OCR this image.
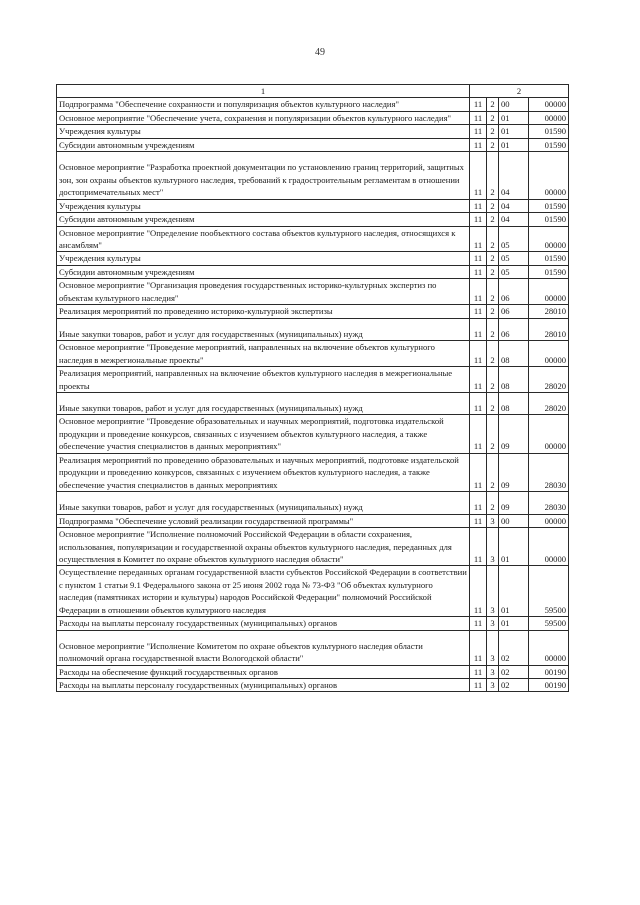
49
1	2			
Подпрограмма "Обеспечение сохранности и популяризация объектов культурного наследия"	11	2	00	00000
Основное мероприятие "Обеспечение учета, сохранения и популяризации объектов культурного наследия"	11	2	01	00000
Учреждения культуры	11	2	01	01590
Субсидии автономным учреждениям	11	2	01	01590
Основное мероприятие "Разработка проектной документации по установлению границ территорий, защитных зон, зон охраны объектов культурного наследия, требований к градостроительным регламентам в отношении достопримечательных мест"	11	2	04	00000
Учреждения культуры	11	2	04	01590
Субсидии автономным учреждениям	11	2	04	01590
Основное мероприятие "Определение пообъектного состава объектов культурного наследия, относящихся к ансамблям"	11	2	05	00000
Учреждения культуры	11	2	05	01590
Субсидии автономным учреждениям	11	2	05	01590
Основное мероприятие "Организация проведения государственных историко-культурных экспертиз по объектам культурного наследия"	11	2	06	00000
Реализация мероприятий по проведению историко-культурной экспертизы	11	2	06	28010
Иные закупки товаров, работ и услуг для государственных (муниципальных) нужд	11	2	06	28010
Основное мероприятие "Проведение мероприятий, направленных на включение объектов культурного наследия в межрегиональные проекты"	11	2	08	00000
Реализация мероприятий, направленных на включение объектов культурного наследия в межрегиональные проекты	11	2	08	28020
Иные закупки товаров, работ и услуг для государственных (муниципальных) нужд	11	2	08	28020
Основное мероприятие "Проведение образовательных и научных мероприятий, подготовка издательской продукции и проведение конкурсов, связанных с изучением объектов культурного наследия, а также обеспечение участия специалистов в данных мероприятиях"	11	2	09	00000
Реализация мероприятий по проведению образовательных и научных мероприятий, подготовке издательской продукции и проведению конкурсов, связанных с изучением объектов культурного наследия, а также обеспечение участия специалистов в данных мероприятиях	11	2	09	28030
Иные закупки товаров, работ и услуг для государственных (муниципальных) нужд	11	2	09	28030
Подпрограмма "Обеспечение условий реализации государственной программы"	11	3	00	00000
Основное мероприятие "Исполнение полномочий Российской Федерации в области сохранения, использования, популяризации и государственной охраны объектов культурного наследия, переданных для осуществления в Комитет по охране объектов культурного наследия области"	11	3	01	00000
Осуществление переданных органам государственной власти субъектов Российской Федерации в соответствии с пунктом 1 статьи 9.1 Федерального закона от 25 июня 2002 года № 73-ФЗ "Об объектах культурного наследия (памятниках истории и культуры) народов Российской Федерации" полномочий Российской Федерации в отношении объектов культурного наследия	11	3	01	59500
Расходы на выплаты персоналу государственных (муниципальных) органов	11	3	01	59500
Основное мероприятие "Исполнение Комитетом по охране объектов культурного наследия области полномочий органа государственной власти Вологодской области"	11	3	02	00000
Расходы на обеспечение функций государственных органов	11	3	02	00190
Расходы на выплаты персоналу государственных (муниципальных) органов	11	3	02	00190
